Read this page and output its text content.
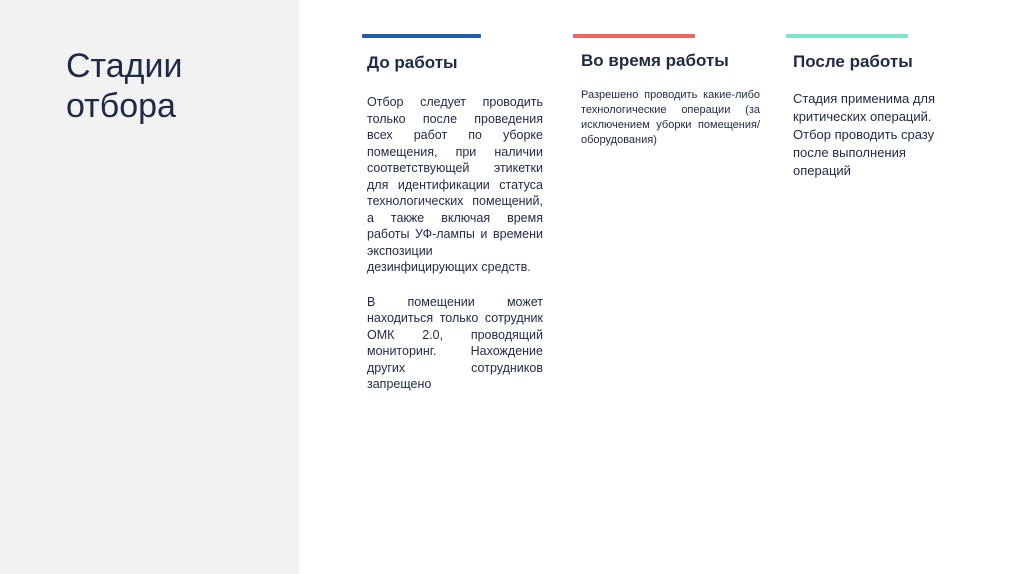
Стадии
отбора
До работы

Отбор следует проводить только после проведения всех работ по уборке помещения, при наличии соответствующей этикетки для идентификации статуса технологических помещений, а также включая время работы УФ-лампы и времени экспозиции дезинфицирующих средств.

В помещении может находиться только сотрудник ОМК 2.0, проводящий мониторинг. Нахождение других сотрудников запрещено

Во время работы

Разрешено проводить какие-либо технологические операции (за исключением уборки помещения/оборудования)

После работы

Стадия применима для критических операций. Отбор проводить сразу после выполнения операций
